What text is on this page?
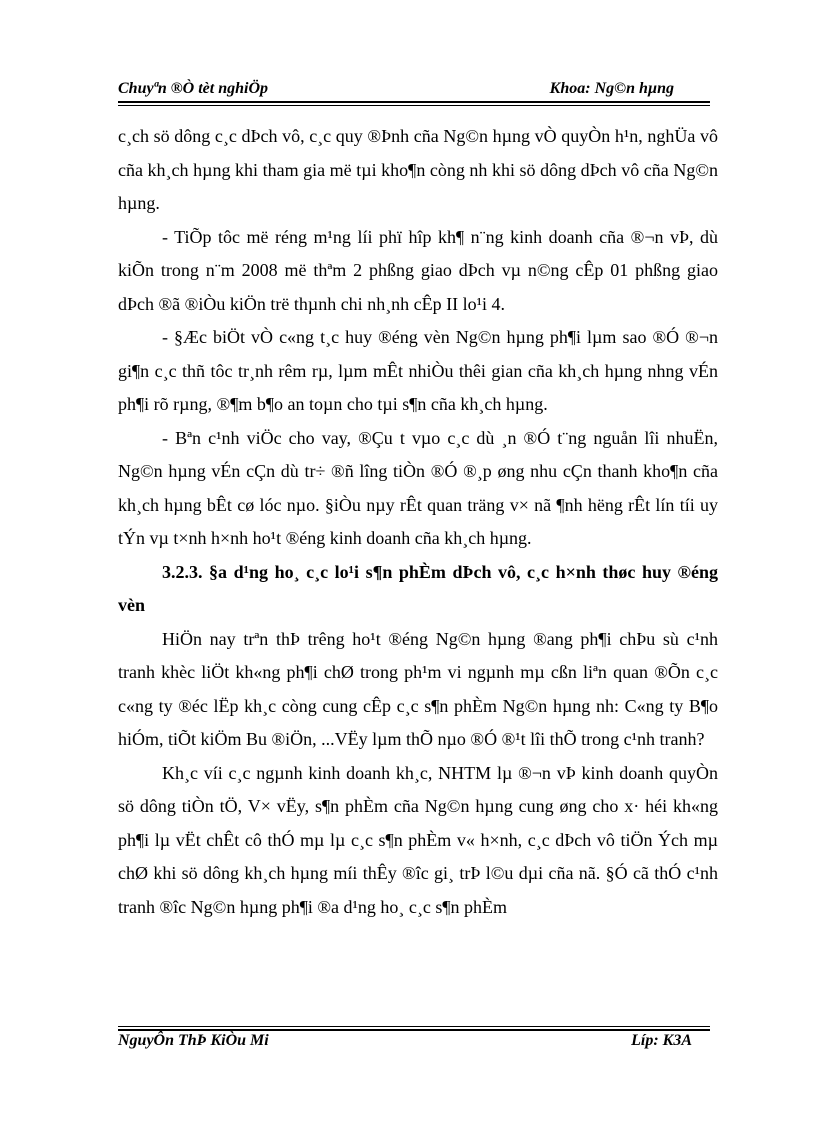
Chuyªn ®Ò tèt nghiÖp	Khoa: Ng©n hµng

c¸ch sö dông c¸c dÞch vô, c¸c quy ®Þnh cña Ng©n hµng vÒ quyÒn h¹n, nghÜa vô cña kh¸ch hµng khi tham gia më tµi kho¶n còng nh khi sö dông dÞch vô cña Ng©n hµng.

- TiÕp tôc më réng m¹ng líi phï hîp kh¶ n¨ng kinh doanh cña ®¬n vÞ, dù kiÕn trong n¨m 2008 më thªm 2 phßng giao dÞch vµ n©ng cÊp 01 phßng giao dÞch ®ã ®iÒu kiÖn trë thµnh chi nh¸nh cÊp II lo¹i 4.

- §Æc biÖt vÒ c«ng t¸c huy ®éng vèn Ng©n hµng ph¶i lµm sao ®Ó ®¬n gi¶n c¸c thñ tôc tr¸nh rêm rµ, lµm mÊt nhiÒu thêi gian cña kh¸ch hµng nhng vÉn ph¶i rõ rµng, ®¶m b¶o an toµn cho tµi s¶n cña kh¸ch hµng.

- Bªn c¹nh viÖc cho vay, ®Çu t vµo c¸c dù ¸n ®Ó t¨ng nguån lîi nhuËn, Ng©n hµng vÉn cÇn dù tr÷ ®ñ lîng tiÒn ®Ó ®¸p øng nhu cÇn thanh kho¶n cña kh¸ch hµng bÊt cø lóc nµo. §iÒu nµy rÊt quan träng v× nã ¶nh hëng rÊt lín tíi uy tÝn vµ t×nh h×nh ho¹t ®éng kinh doanh cña kh¸ch hµng.

3.2.3. §a d¹ng ho¸ c¸c lo¹i s¶n phÈm dÞch vô, c¸c h×nh thøc huy ®éng vèn

HiÖn nay trªn thÞ trêng ho¹t ®éng Ng©n hµng ®ang ph¶i chÞu sù c¹nh tranh khèc liÖt kh«ng ph¶i chØ trong ph¹m vi ngµnh mµ cßn liªn quan ®Õn c¸c c«ng ty ®éc lËp kh¸c còng cung cÊp c¸c s¶n phÈm Ng©n hµng nh: C«ng ty B¶o hiÓm, tiÕt kiÖm Bu ®iÖn, ...VËy lµm thÕ nµo ®Ó ®¹t lîi thÕ trong c¹nh tranh?

Kh¸c víi c¸c ngµnh kinh doanh kh¸c, NHTM lµ ®¬n vÞ kinh doanh quyÒn sö dông tiÒn tÖ, V× vËy, s¶n phÈm cña Ng©n hµng cung øng cho x· héi kh«ng ph¶i lµ vËt chÊt cô thÓ mµ lµ c¸c s¶n phÈm v« h×nh, c¸c dÞch vô tiÖn Ých mµ chØ khi sö dông kh¸ch hµng míi thÊy ®îc gi¸ trÞ l©u dµi cña nã. §Ó cã thÓ c¹nh tranh ®îc Ng©n hµng ph¶i ®a d¹ng ho¸ c¸c s¶n phÈm

NguyÔn ThÞ KiÒu Mi	Líp: K3A
